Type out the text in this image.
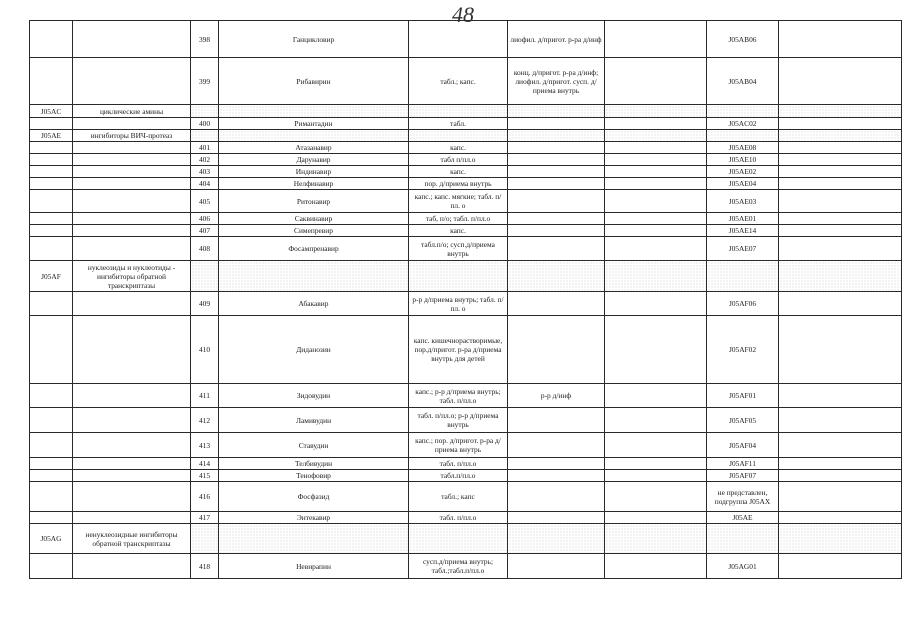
48
		398	Ганцикловир		лиофил. д/пригот. р-ра д/инф		J05AB06	
		399	Рибавирин	табл.; капс.	конц. д/пригот. р-ра д/инф; лиофил. д/пригот. сусп. д/приема внутрь		J05AB04	
J05AC	циклические амины							
		400	Римантадин	табл.			J05AC02	
J05AE	ингибиторы ВИЧ-протеаз							
		401	Атазанавир	капс.			J05AE08	
		402	Дарунавир	табл п/пл.о			J05AE10	
		403	Индинавир	капс.			J05AE02	
		404	Нелфинавир	пор. д/приема внутрь			J05AE04	
		405	Ритонавир	капс.; капс. мягкие; табл. п/пл. о			J05AE03	
		406	Саквинавир	таб, п/о; табл. п/пл.о			J05AE01	
		407	Симепревир	капс.			J05AE14	
		408	Фосампренавир	табл.п/о; сусп.д/приема внутрь			J05AE07	
J05AF	нуклеозиды и нуклеотиды - ингибиторы обратной транскриптазы							
		409	Абакавир	р-р д/приема внутрь; табл. п/пл. о			J05AF06	
		410	Диданозин	капс. кишечнорастворимые, пор.д/пригот. р-ра д/приема внутрь для детей			J05AF02	
		411	Зидовудин	капс.; р-р д/приема внутрь; табл. п/пл.о	р-р д/инф		J05AF01	
		412	Ламивудин	табл. п/пл.о; р-р д/приема внутрь			J05AF05	
		413	Ставудин	капс.; пор. д/пригот. р-ра д/приема внутрь			J05AF04	
		414	Телбивудин	табл. п/пл.о			J05AF11	
		415	Тенофовир	табл.п/пл.о			J05AF07	
		416	Фосфазид	табл.; капс			не представлен, подгруппа J05AX	
		417	Энтекавир	табл. п/пл.о			J05AE	
J05AG	ненуклеозидные ингибиторы обратной транскриптазы							
		418	Невирапин	сусп.д/приема внутрь; табл.;табл.п/пл.о			J05AG01	
